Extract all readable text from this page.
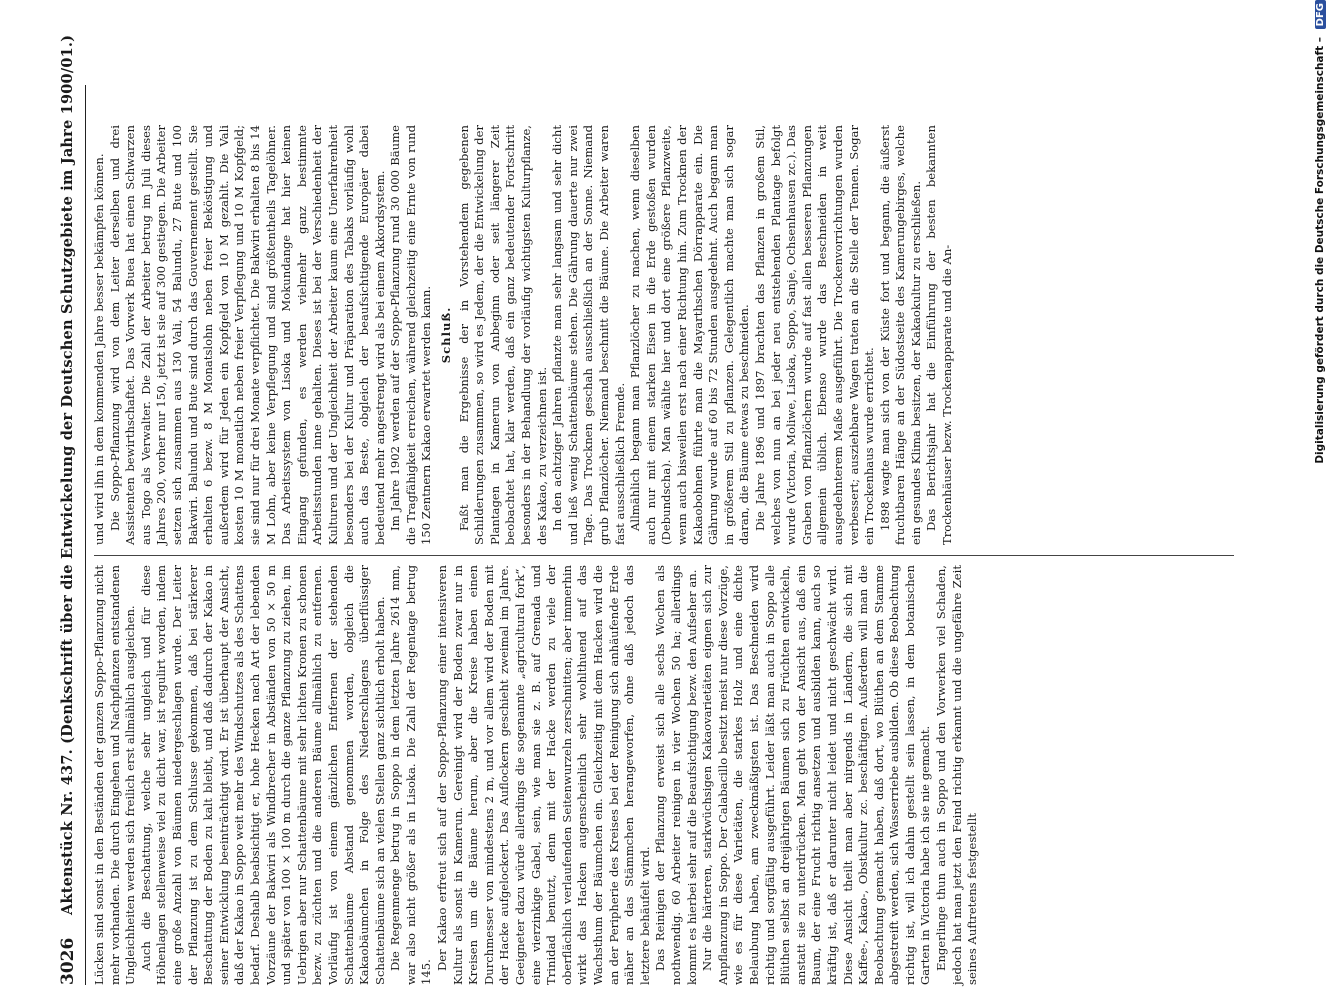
3026
Aktenstück Nr. 437. (Denkschrift über die Entwickelung der Deutschen Schutzgebiete im Jahre 1900/01.) Lücken sind sonst in den Beständen der ganzen Soppo-Pflanzung nicht mehr vorhanden. Die durch Eingehen und Nachpflanzen entstandenen Ungleichheiten werden sich freilich erst allmählich ausgleichen. Auch die Beschattung, welche sehr ungleich und für diese Höhenlagen stellenweise viel zu dicht war, ist regulirt worden, indem eine große Anzahl von Bäumen niedergeschlagen wurde. Der Leiter der Pflanzung ist zu dem Schlusse gekommen, daß bei stärkerer Beschattung der Boden zu kalt bleibt, und daß dadurch der Kakao in seiner Entwicklung beeinträchtigt wird. Er ist überhaupt der Ansicht, daß der Kakao in Soppo weit mehr des Windschutzes als des Schattens bedarf. Deshalb beabsichtigt er, hohe Hecken nach Art der lebenden Vorzäune der Bakwiri als Windbrecher in Abständen von 50 × 50 m und später von 100 × 100 m durch die ganze Pflanzung zu ziehen, im Uebrigen aber nur Schattenbäume mit sehr lichten Kronen zu schonen bezw. zu züchten und die anderen Bäume allmählich zu entfernen. Vorläufig ist von einem gänzlichen Entfernen der stehenden Schattenbäume Abstand genommen worden, obgleich die Kakaobäumchen in Folge des Niederschlagens überflüssiger Schattenbäume sich an vielen Stellen ganz sichtlich erholt haben. Die Regenmenge betrug in Soppo in dem letzten Jahre 2614 mm, war also nicht größer als in Lisoka. Die Zahl der Regentage betrug 145.

Der Kakao erfreut sich auf der Soppo-Pflanzung einer intensiveren Kultur als sonst in Kamerun. Gereinigt wird der Boden zwar nur in Kreisen um die Bäume herum, aber die Kreise haben einen Durchmesser von mindestens 2 m, und vor allem wird der Boden mit der Hacke aufgelockert. Das Auflockern geschieht zweimal im Jahre. Geeigneter dazu würde allerdings die sogenannte „agricultural fork“, eine vierzinkige Gabel, sein, wie man sie z. B. auf Grenada und Trinidad benutzt, denn mit der Hacke werden zu viele der oberflächlich verlaufenden Seitenwurzeln zerschnitten; aber immerhin wirkt das Hacken augenscheinlich sehr wohlthuend auf das Wachsthum der Bäumchen ein. Gleichzeitig mit dem Hacken wird die an der Peripherie des Kreises bei der Reinigung sich anhäufende Erde näher an das Stämmchen herangeworfen, ohne daß jedoch das letztere behäufelt wird. Das Reinigen der Pflanzung erweist sich alle sechs Wochen als nothwendig. 60 Arbeiter reinigen in vier Wochen 50 ha; allerdings kommt es hierbei sehr auf die Beaufsichtigung bezw. den Aufseher an. Nur die härteren, starkwüchsigen Kakaovarietäten eignen sich zur Anpflanzung in Soppo. Der Calabacillo besitzt meist nur diese Vorzüge, wie es für diese Varietäten, die starkes Holz und eine dichte Belaubung haben, am zweckmäßigsten ist. Das Beschneiden wird richtig und sorgfältig ausgeführt. Leider läßt man auch in Soppo alle Blüthen selbst an dreijährigen Bäumen sich zu Früchten entwickeln, anstatt sie zu unterdrücken. Man geht von der Ansicht aus, daß ein Baum, der eine Frucht richtig ansetzen und ausbilden kann, auch so kräftig ist, daß er darunter nicht leidet und nicht geschwächt wird. Diese Ansicht theilt man aber nirgends in Ländern, die sich mit Kaffee-, Kakao-, Obstkultur zc. beschäftigen. Außerdem will man die Beobachtung gemacht haben, daß dort, wo Blüthen an dem Stamme abgestreift werden, sich Wasserriebe ausbilden. Ob diese Beobachtung richtig ist, will ich dahin gestellt sein lassen, in dem botanischen Garten in Victoria habe ich sie nie gemacht. Engerlinge thun auch in Soppo und den Vorwerken viel Schaden, jedoch hat man jetzt den Feind richtig erkannt und die ungefähre Zeit seines Auftretens festgestellt

und wird ihn in dem kommenden Jahre besser bekämpfen können. Die Soppo-Pflanzung wird von dem Leiter derselben und drei Assistenten bewirthschaftet. Das Vorwerk Buea hat einen Schwarzen aus Togo als Verwalter. Die Zahl der Arbeiter betrug im Juli dieses Jahres 200, vorher nur 150, jetzt ist sie auf 300 gestiegen. Die Arbeiter setzen sich zusammen aus 130 Vali, 54 Balundu, 27 Bute und 100 Bakwiri. Balundu und Bute sind durch das Gouvernement gestellt. Sie erhalten 6 bezw. 8 M Monatslohn neben freier Beköstigung und außerdem wird für Jeden ein Kopfgeld von 10 M gezahlt. Die Vali kosten 10 M monatlich neben freier Verpflegung und 10 M Kopfgeld; sie sind nur für drei Monate verpflichtet. Die Bakwiri erhalten 8 bis 14 M Lohn, aber keine Verpflegung und sind größtentheils Tagelöhner. Das Arbeitssystem von Lisoka und Mokundange hat hier keinen Eingang gefunden, es werden vielmehr ganz bestimmte Arbeitsstunden inne gehalten. Dieses ist bei der Verschiedenheit der Kulturen und der Ungleichheit der Arbeiter kaum eine Unerfahrenheit besonders bei der Kultur und Präparation des Tabaks vorläufig wohl auch das Beste, obgleich der beaufsichtigende Europäer dabei bedeutend mehr angestrengt wird als bei einem Akkordsystem. Im Jahre 1902 werden auf der Soppo-Pflanzung rund 30 000 Bäume die Tragfähigkeit erreichen, während gleichzeitig eine Ernte von rund 150 Zentnern Kakao erwartet werden kann. Schluß. Faßt man die Ergebnisse der in Vorstehendem gegebenen Schilderungen zusammen, so wird es Jedem, der die Entwickelung der Plantagen in Kamerun von Anbeginn oder seit längerer Zeit beobachtet hat, klar werden, daß ein ganz bedeutender Fortschritt besonders in der Behandlung der vorläufig wichtigsten Kulturpflanze, des Kakao, zu verzeichnen ist. In den achtziger Jahren pflanzte man sehr langsam und sehr dicht und ließ wenig Schattenbäume stehen. Die Gährung dauerte nur zwei Tage. Das Trocknen geschah ausschließlich an der Sonne. Niemand grub Pflanzlöcher. Niemand beschnitt die Bäume. Die Arbeiter waren fast ausschließlich Fremde. Allmählich begann man Pflanzlöcher zu machen, wenn dieselben auch nur mit einem starken Eisen in die Erde gestoßen wurden (Debundscha). Man wählte hier und dort eine größere Pflanzweite, wenn auch bisweilen erst nach einer Richtung hin. Zum Trocknen der Kakaobohnen führte man die Mayarthschen Dörrapparate ein. Die Gährung wurde auf 60 bis 72 Stunden ausgedehnt. Auch begann man in größerem Stil zu pflanzen. Gelegentlich machte man sich sogar daran, die Bäume etwas zu beschneiden. Die Jahre 1896 und 1897 brachten das Pflanzen in großem Stil, welches von nun an bei jeder neu entstehenden Plantage befolgt wurde (Victoria, Moliwe, Lisoka, Soppo, Sanje, Ochsenhausen zc.). Das Graben von Pflanzlöchern wurde auf fast allen besseren Pflanzungen allgemein üblich. Ebenso wurde das Beschneiden in weit ausgedehnterem Maße ausgeführt. Die Trockenvorrichtungen wurden verbessert; ausziehbare Wagen traten an die Stelle der Tennen. Sogar ein Trockenhaus wurde errichtet. 1898 wagte man sich von der Küste fort und begann, die äußerst fruchtbaren Hänge an der Südostseite des Kamerungebirges, welche ein gesundes Klima besitzen, der Kakaokultur zu erschließen. Das Berichtsjahr hat die Einführung der besten bekannten Trockenhäuser bezw. Trockenapparate und die An-	Digitalisierung gefördert durch die Deutsche Forschungsgemeinschaft – DFG
